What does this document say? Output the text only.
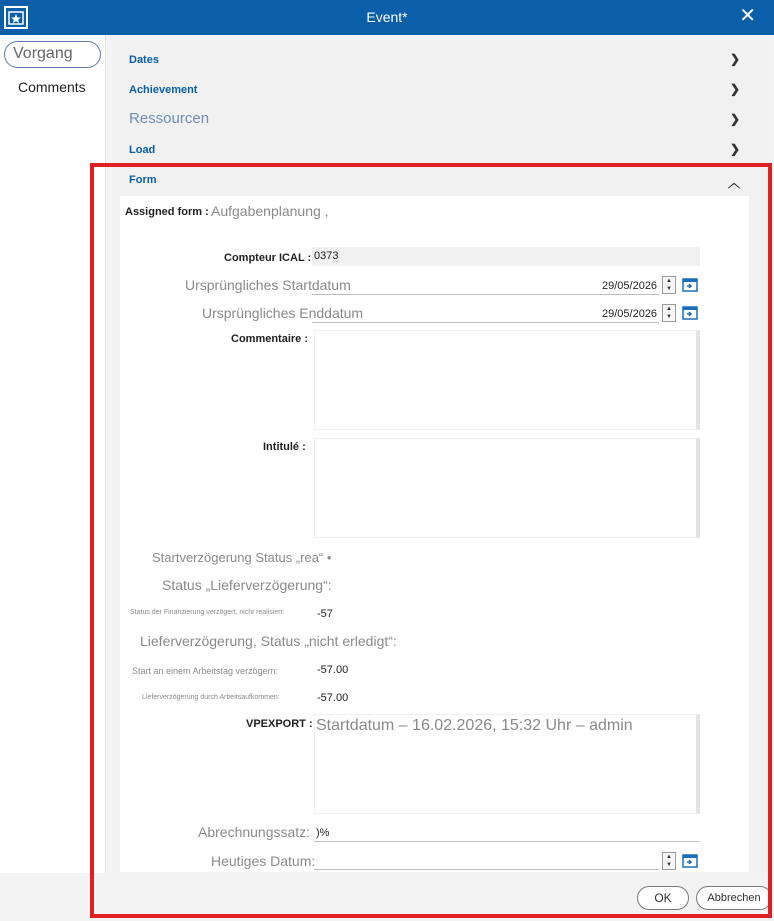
Event*	✕
Vorgang
Comments
Dates	❯
Achievement	❯
Ressourcen	❯
Load	❯
Form	︿
Assigned form : Aufgabenplanung ,
Compteur ICAL : 0373
Ursprüngliches Startdatum	29/05/2026 ▲
▼
Ursprüngliches Enddatum	29/05/2026 ▲
▼
Commentaire :
Intitulé :
Startverzögerung Status „rea“ •
Status „Lieferverzögerung“:
Status der Finanzierung verzögert, nicht realisiert:	-57
Lieferverzögerung, Status „nicht erledigt“:
Start an einem Arbeitstag verzögern:	-57.00
Lieferverzögerung durch Arbeitsaufkommen:	-57.00
VPEXPORT : Startdatum – 16.02.2026, 15:32 Uhr – admin
Abrechnungssatz: )%
Heutiges Datum:	▲
▼
OK	Abbrechen
